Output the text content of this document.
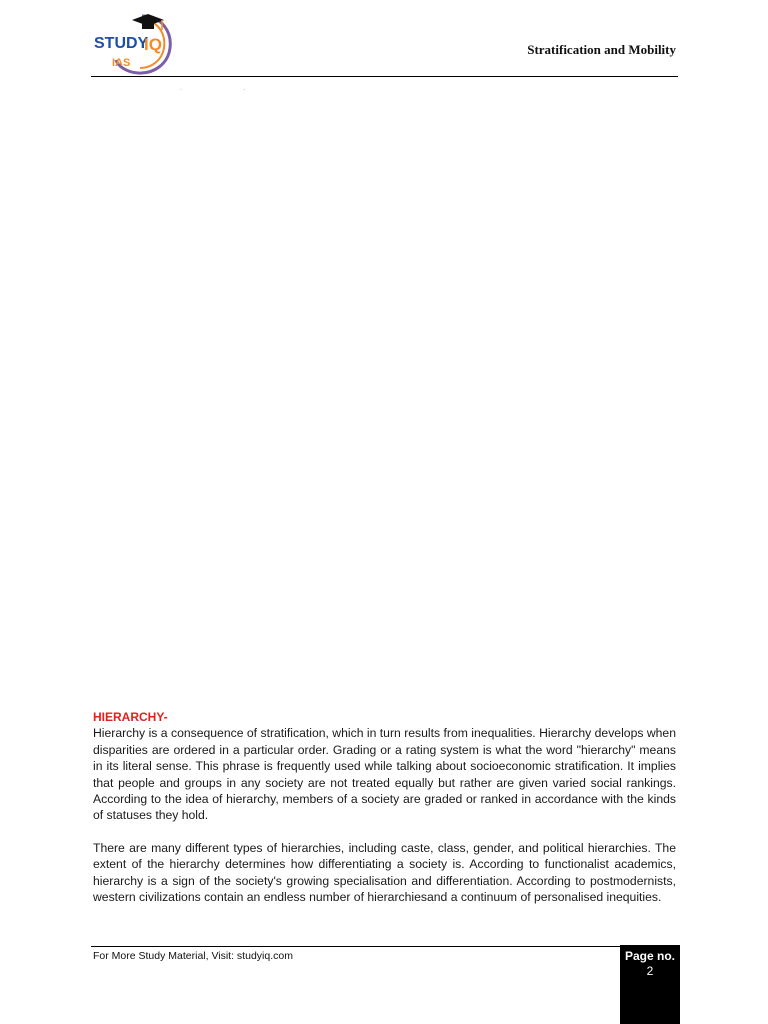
STUDY
IQ
IAS
Stratification and Mobility
. .

HIERARCHY-

Hierarchy is a consequence of stratification, which in turn results from inequalities. Hierarchy develops when disparities are ordered in a particular order. Grading or a rating system is what the word "hierarchy" means in its literal sense. This phrase is frequently used while talking about socioeconomic stratification. It implies that people and groups in any society are not treated equally but rather are given varied social rankings. According to the idea of hierarchy, members of a society are graded or ranked in accordance with the kinds of statuses they hold.

There are many different types of hierarchies, including caste, class, gender, and political hierarchies. The extent of the hierarchy determines how differentiating a society is. According to functionalist academics, hierarchy is a sign of the society's growing specialisation and differentiation. According to postmodernists, western civilizations contain an endless number of hierarchiesand a continuum of personalised inequities.

For More Study Material, Visit: studyiq.com	Page no.
2
